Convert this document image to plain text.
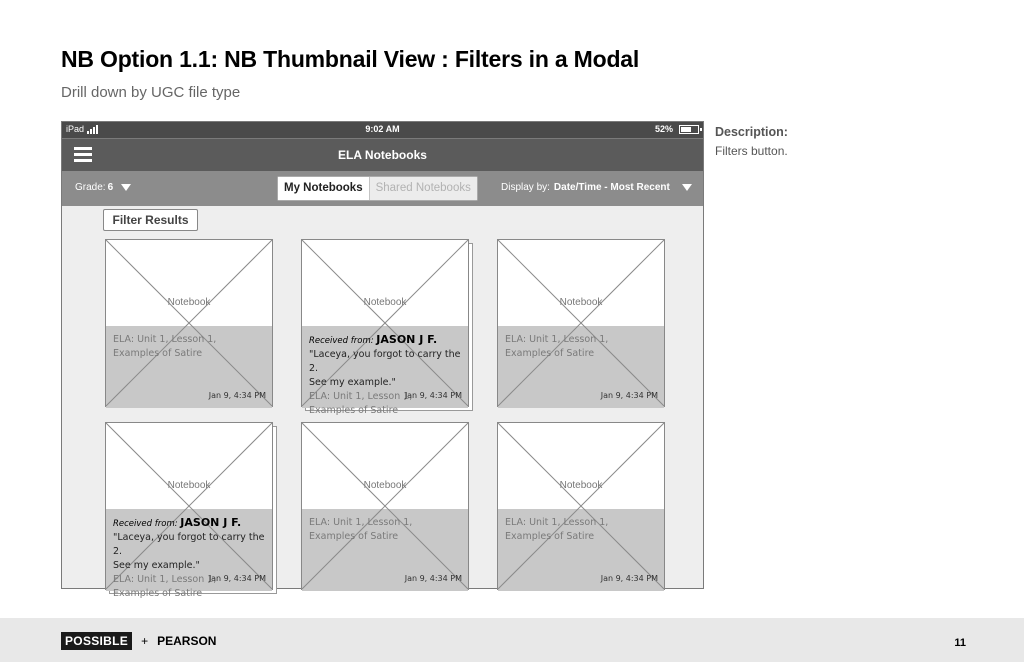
NB Option 1.1: NB Thumbnail View : Filters in a Modal
Drill down by UGC file type
Description:
Filters button.
iPad	9:02 AM	52%
ELA Notebooks
Grade: 6	My Notebooks	Shared Notebooks	Display by: Date/Time - Most Recent
Filter Results
Notebook
ELA: Unit 1, Lesson 1,
Examples of Satire
Jan 9, 4:34 PM
Notebook
Received from: JASON J F.
"Laceya, you forgot to carry the 2.
See my example."
ELA: Unit 1, Lesson 1,
Examples of Satire
Jan 9, 4:34 PM
Notebook
ELA: Unit 1, Lesson 1,
Examples of Satire
Jan 9, 4:34 PM
Notebook
Received from: JASON J F.
"Laceya, you forgot to carry the 2.
See my example."
ELA: Unit 1, Lesson 1,
Examples of Satire
Jan 9, 4:34 PM
Notebook
ELA: Unit 1, Lesson 1,
Examples of Satire
Jan 9, 4:34 PM
Notebook
ELA: Unit 1, Lesson 1,
Examples of Satire
Jan 9, 4:34 PM
POSSIBLE	+ PEARSON	11
